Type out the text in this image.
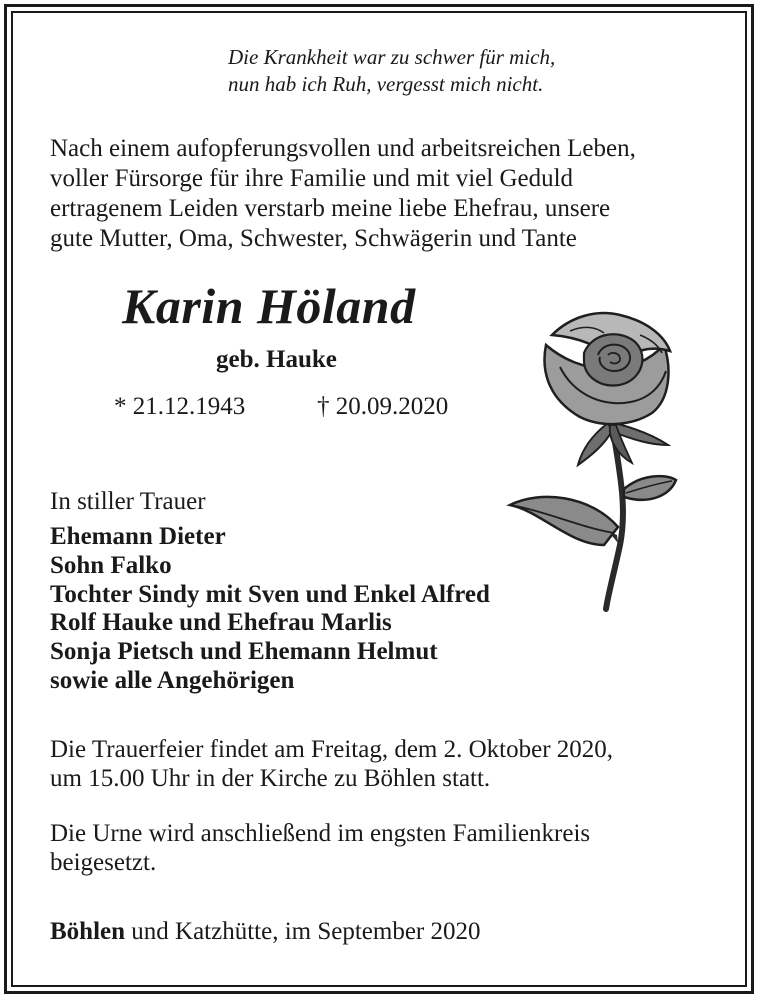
Die Krankheit war zu schwer für mich,
nun hab ich Ruh, vergesst mich nicht.
Nach einem aufopferungsvollen und arbeitsreichen Leben,
voller Fürsorge für ihre Familie und mit viel Geduld
ertragenem Leiden verstarb meine liebe Ehefrau, unsere
gute Mutter, Oma, Schwester, Schwägerin und Tante
Karin Höland
geb. Hauke
* 21.12.1943	† 20.09.2020
In stiller Trauer
Ehemann Dieter
Sohn Falko
Tochter Sindy mit Sven und Enkel Alfred
Rolf Hauke und Ehefrau Marlis
Sonja Pietsch und Ehemann Helmut
sowie alle Angehörigen
Die Trauerfeier findet am Freitag, dem 2. Oktober 2020,
um 15.00 Uhr in der Kirche zu Böhlen statt.
Die Urne wird anschließend im engsten Familienkreis
beigesetzt.
Böhlen und Katzhütte, im September 2020
